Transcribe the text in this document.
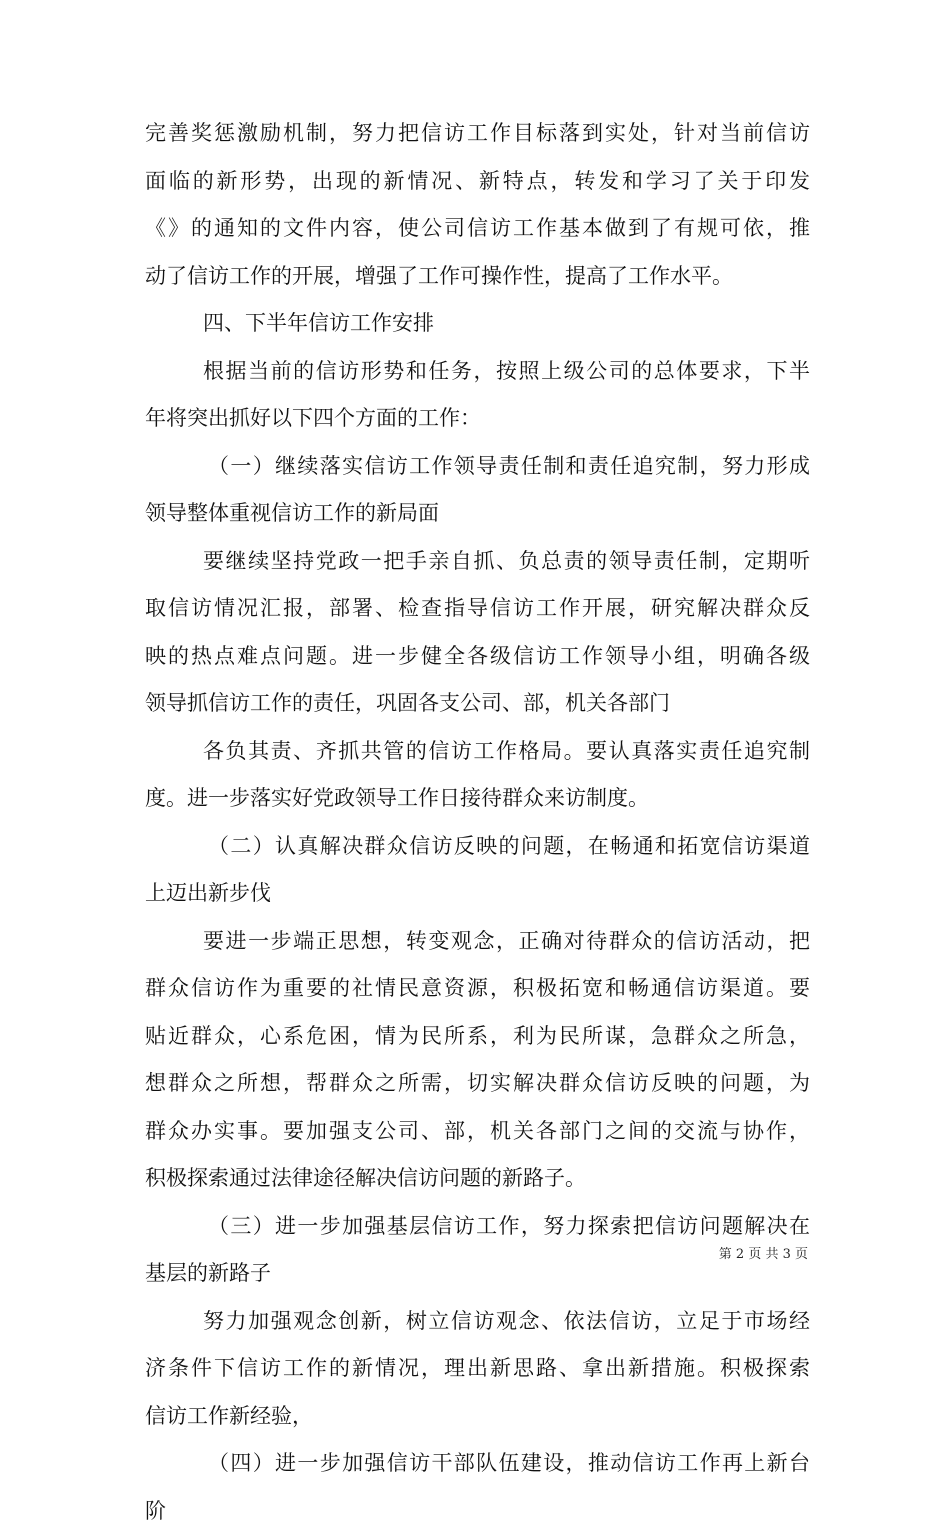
完善奖惩激励机制，努力把信访工作目标落到实处，针对当前信访
面临的新形势，出现的新情况、新特点，转发和学习了关于印发
《》的通知的文件内容，使公司信访工作基本做到了有规可依，推
动了信访工作的开展，增强了工作可操作性，提高了工作水平。
四、下半年信访工作安排
根据当前的信访形势和任务，按照上级公司的总体要求，下半
年将突出抓好以下四个方面的工作：
（一）继续落实信访工作领导责任制和责任追究制，努力形成
领导整体重视信访工作的新局面
要继续坚持党政一把手亲自抓、负总责的领导责任制，定期听
取信访情况汇报，部署、检查指导信访工作开展，研究解决群众反
映的热点难点问题。进一步健全各级信访工作领导小组，明确各级
领导抓信访工作的责任，巩固各支公司、部，机关各部门
各负其责、齐抓共管的信访工作格局。要认真落实责任追究制
度。进一步落实好党政领导工作日接待群众来访制度。
（二）认真解决群众信访反映的问题，在畅通和拓宽信访渠道
上迈出新步伐
要进一步端正思想，转变观念，正确对待群众的信访活动，把
群众信访作为重要的社情民意资源，积极拓宽和畅通信访渠道。要
贴近群众，心系危困，情为民所系，利为民所谋，急群众之所急，
想群众之所想，帮群众之所需，切实解决群众信访反映的问题，为
群众办实事。要加强支公司、部，机关各部门之间的交流与协作，
积极探索通过法律途径解决信访问题的新路子。
（三）进一步加强基层信访工作，努力探索把信访问题解决在
基层的新路子
努力加强观念创新，树立信访观念、依法信访，立足于市场经
济条件下信访工作的新情况，理出新思路、拿出新措施。积极探索
信访工作新经验，
（四）进一步加强信访干部队伍建设，推动信访工作再上新台
阶
第 2 页 共 3 页
